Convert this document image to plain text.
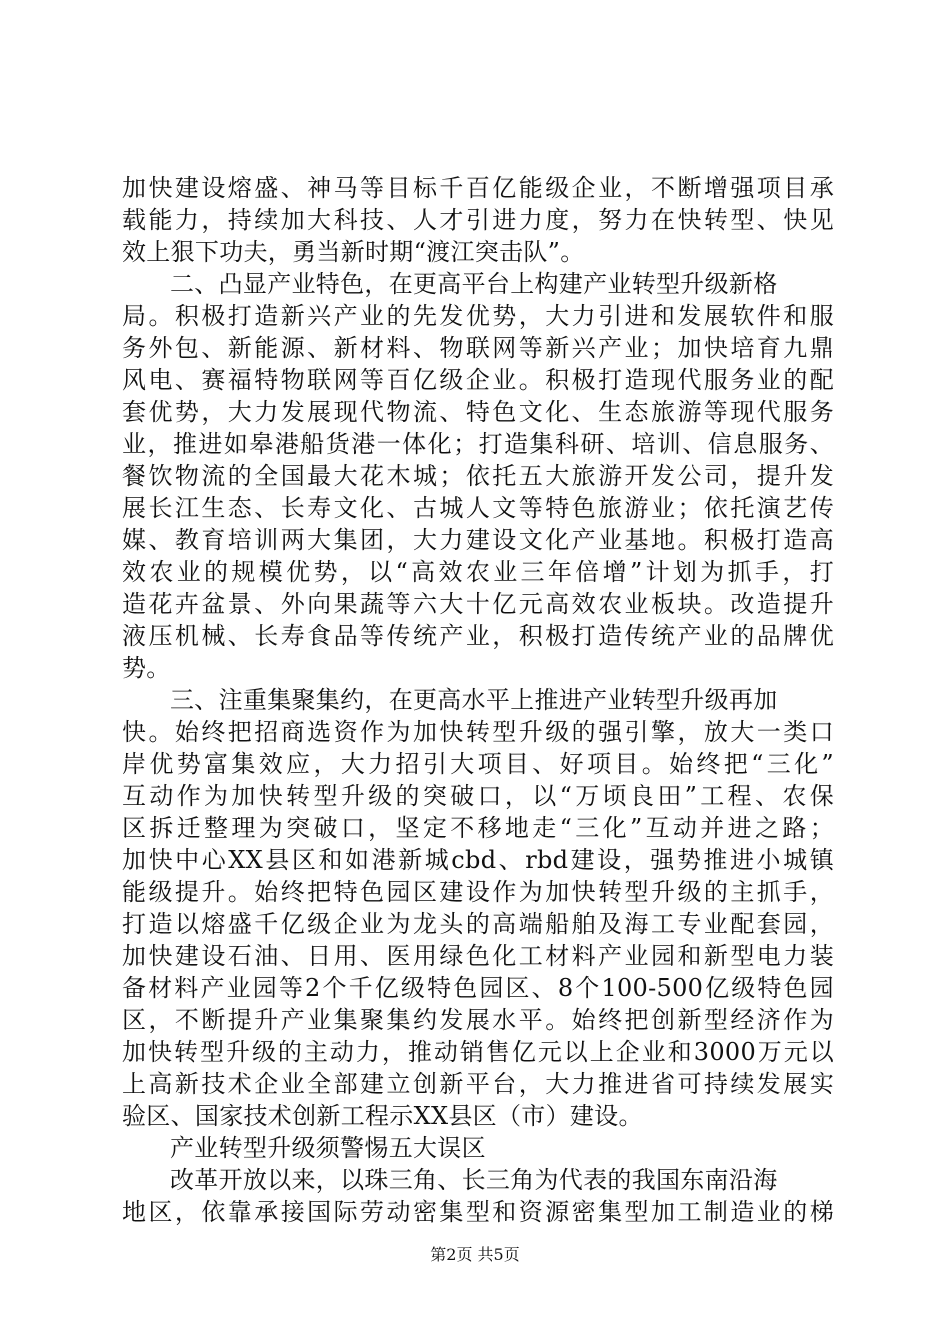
加快建设熔盛、神马等目标千百亿能级企业，不断增强项目承
载能力，持续加大科技、人才引进力度，努力在快转型、快见
效上狠下功夫，勇当新时期“渡江突击队”。
二、凸显产业特色，在更高平台上构建产业转型升级新格
局。积极打造新兴产业的先发优势，大力引进和发展软件和服
务外包、新能源、新材料、物联网等新兴产业；加快培育九鼎
风电、赛福特物联网等百亿级企业。积极打造现代服务业的配
套优势，大力发展现代物流、特色文化、生态旅游等现代服务
业，推进如皋港船货港一体化；打造集科研、培训、信息服务、
餐饮物流的全国最大花木城；依托五大旅游开发公司，提升发
展长江生态、长寿文化、古城人文等特色旅游业；依托演艺传
媒、教育培训两大集团，大力建设文化产业基地。积极打造高
效农业的规模优势，以“高效农业三年倍增”计划为抓手，打
造花卉盆景、外向果蔬等六大十亿元高效农业板块。改造提升
液压机械、长寿食品等传统产业，积极打造传统产业的品牌优
势。
三、注重集聚集约，在更高水平上推进产业转型升级再加
快。始终把招商选资作为加快转型升级的强引擎，放大一类口
岸优势富集效应，大力招引大项目、好项目。始终把“三化”
互动作为加快转型升级的突破口，以“万顷良田”工程、农保
区拆迁整理为突破口，坚定不移地走“三化”互动并进之路；
加快中心XX县区和如港新城cbd、rbd建设，强势推进小城镇
能级提升。始终把特色园区建设作为加快转型升级的主抓手，
打造以熔盛千亿级企业为龙头的高端船舶及海工专业配套园，
加快建设石油、日用、医用绿色化工材料产业园和新型电力装
备材料产业园等2个千亿级特色园区、8个100-500亿级特色园
区，不断提升产业集聚集约发展水平。始终把创新型经济作为
加快转型升级的主动力，推动销售亿元以上企业和3000万元以
上高新技术企业全部建立创新平台，大力推进省可持续发展实
验区、国家技术创新工程示XX县区（市）建设。
产业转型升级须警惕五大误区
改革开放以来，以珠三角、长三角为代表的我国东南沿海
地区，依靠承接国际劳动密集型和资源密集型加工制造业的梯
第2页 共5页
